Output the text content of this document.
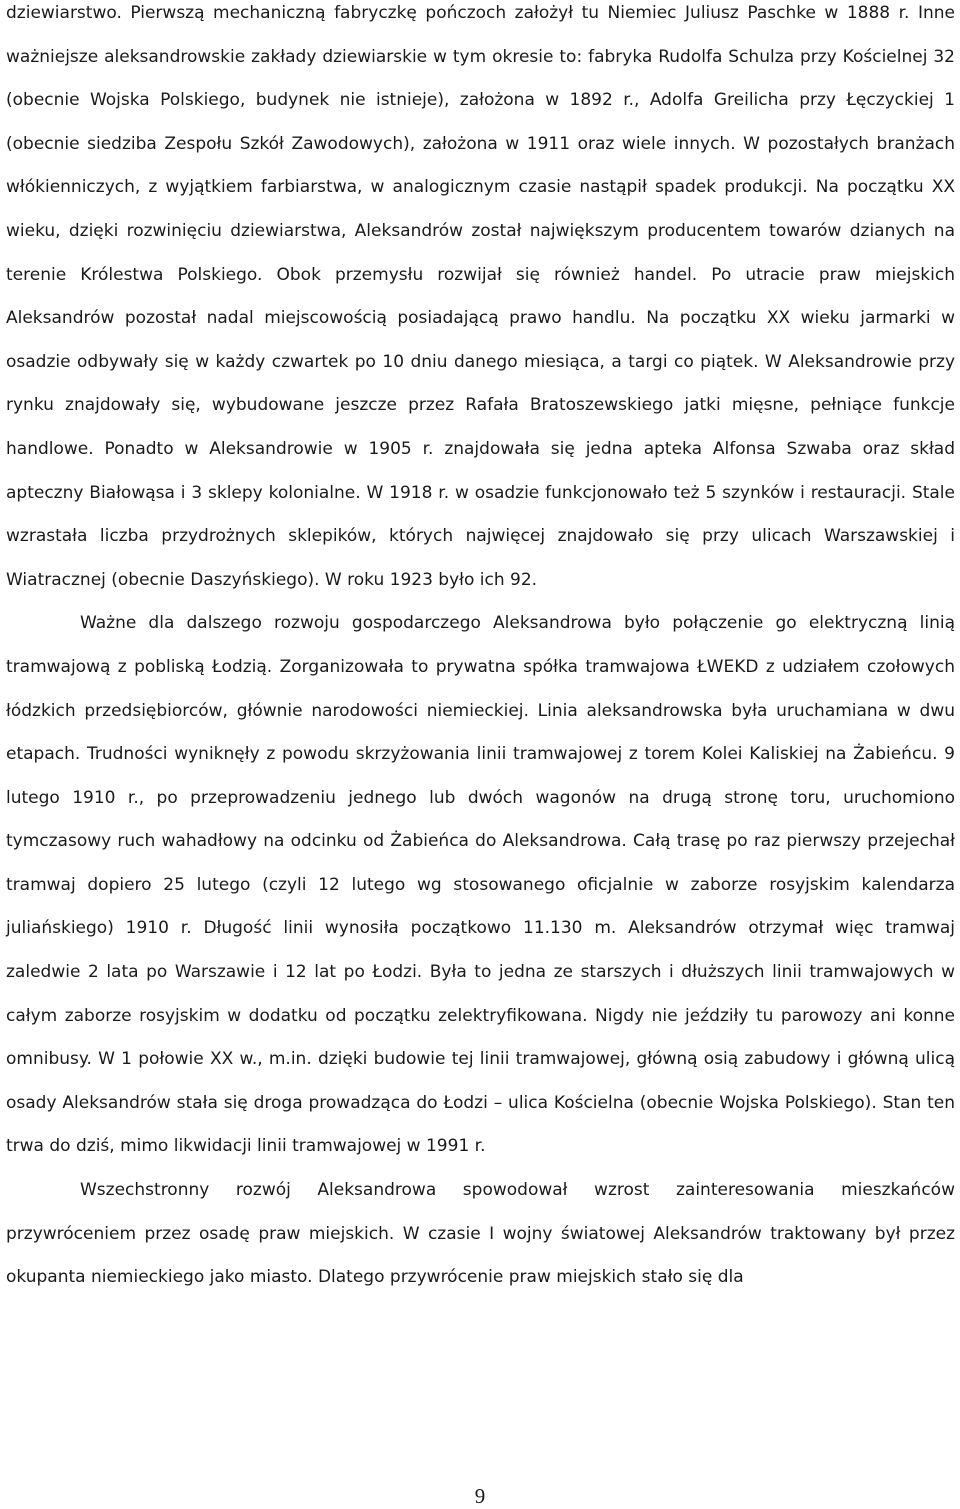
dziewiarstwo. Pierwszą mechaniczną fabryczkę pończoch założył tu Niemiec Juliusz Paschke w 1888 r. Inne ważniejsze aleksandrowskie zakłady dziewiarskie w tym okresie to: fabryka Rudolfa Schulza przy Kościelnej 32 (obecnie Wojska Polskiego, budynek nie istnieje), założona w 1892 r., Adolfa Greilicha przy Łęczyckiej 1 (obecnie siedziba Zespołu Szkół Zawodowych), założona w 1911 oraz wiele innych. W pozostałych branżach włókienniczych, z wyjątkiem farbiarstwa, w analogicznym czasie nastąpił spadek produkcji. Na początku XX wieku, dzięki rozwinięciu dziewiarstwa, Aleksandrów został największym producentem towarów dzianych na terenie Królestwa Polskiego. Obok przemysłu rozwijał się również handel. Po utracie praw miejskich Aleksandrów pozostał nadal miejscowością posiadającą prawo handlu. Na początku XX wieku jarmarki w osadzie odbywały się w każdy czwartek po 10 dniu danego miesiąca, a targi co piątek. W Aleksandrowie przy rynku znajdowały się, wybudowane jeszcze przez Rafała Bratoszewskiego jatki mięsne, pełniące funkcje handlowe. Ponadto w Aleksandrowie w 1905 r. znajdowała się jedna apteka Alfonsa Szwaba oraz skład apteczny Białowąsa i 3 sklepy kolonialne. W 1918 r. w osadzie funkcjonowało też 5 szynków i restauracji. Stale wzrastała liczba przydrożnych sklepików, których najwięcej znajdowało się przy ulicach Warszawskiej i Wiatracznej (obecnie Daszyńskiego). W roku 1923 było ich 92.

Ważne dla dalszego rozwoju gospodarczego Aleksandrowa było połączenie go elektryczną linią tramwajową z pobliską Łodzią. Zorganizowała to prywatna spółka tramwajowa ŁWEKD z udziałem czołowych łódzkich przedsiębiorców, głównie narodowości niemieckiej. Linia aleksandrowska była uruchamiana w dwu etapach. Trudności wyniknęły z powodu skrzyżowania linii tramwajowej z torem Kolei Kaliskiej na Żabieńcu. 9 lutego 1910 r., po przeprowadzeniu jednego lub dwóch wagonów na drugą stronę toru, uruchomiono tymczasowy ruch wahadłowy na odcinku od Żabieńca do Aleksandrowa. Całą trasę po raz pierwszy przejechał tramwaj dopiero 25 lutego (czyli 12 lutego wg stosowanego oficjalnie w zaborze rosyjskim kalendarza juliańskiego) 1910 r. Długość linii wynosiła początkowo 11.130 m. Aleksandrów otrzymał więc tramwaj zaledwie 2 lata po Warszawie i 12 lat po Łodzi. Była to jedna ze starszych i dłuższych linii tramwajowych w całym zaborze rosyjskim w dodatku od początku zelektryfikowana. Nigdy nie jeździły tu parowozy ani konne omnibusy. W 1 połowie XX w., m.in. dzięki budowie tej linii tramwajowej, główną osią zabudowy i główną ulicą osady Aleksandrów stała się droga prowadząca do Łodzi – ulica Kościelna (obecnie Wojska Polskiego). Stan ten trwa do dziś, mimo likwidacji linii tramwajowej w 1991 r.

Wszechstronny rozwój Aleksandrowa spowodował wzrost zainteresowania mieszkańców przywróceniem przez osadę praw miejskich. W czasie I wojny światowej Aleksandrów traktowany był przez okupanta niemieckiego jako miasto. Dlatego przywrócenie praw miejskich stało się dla

9
